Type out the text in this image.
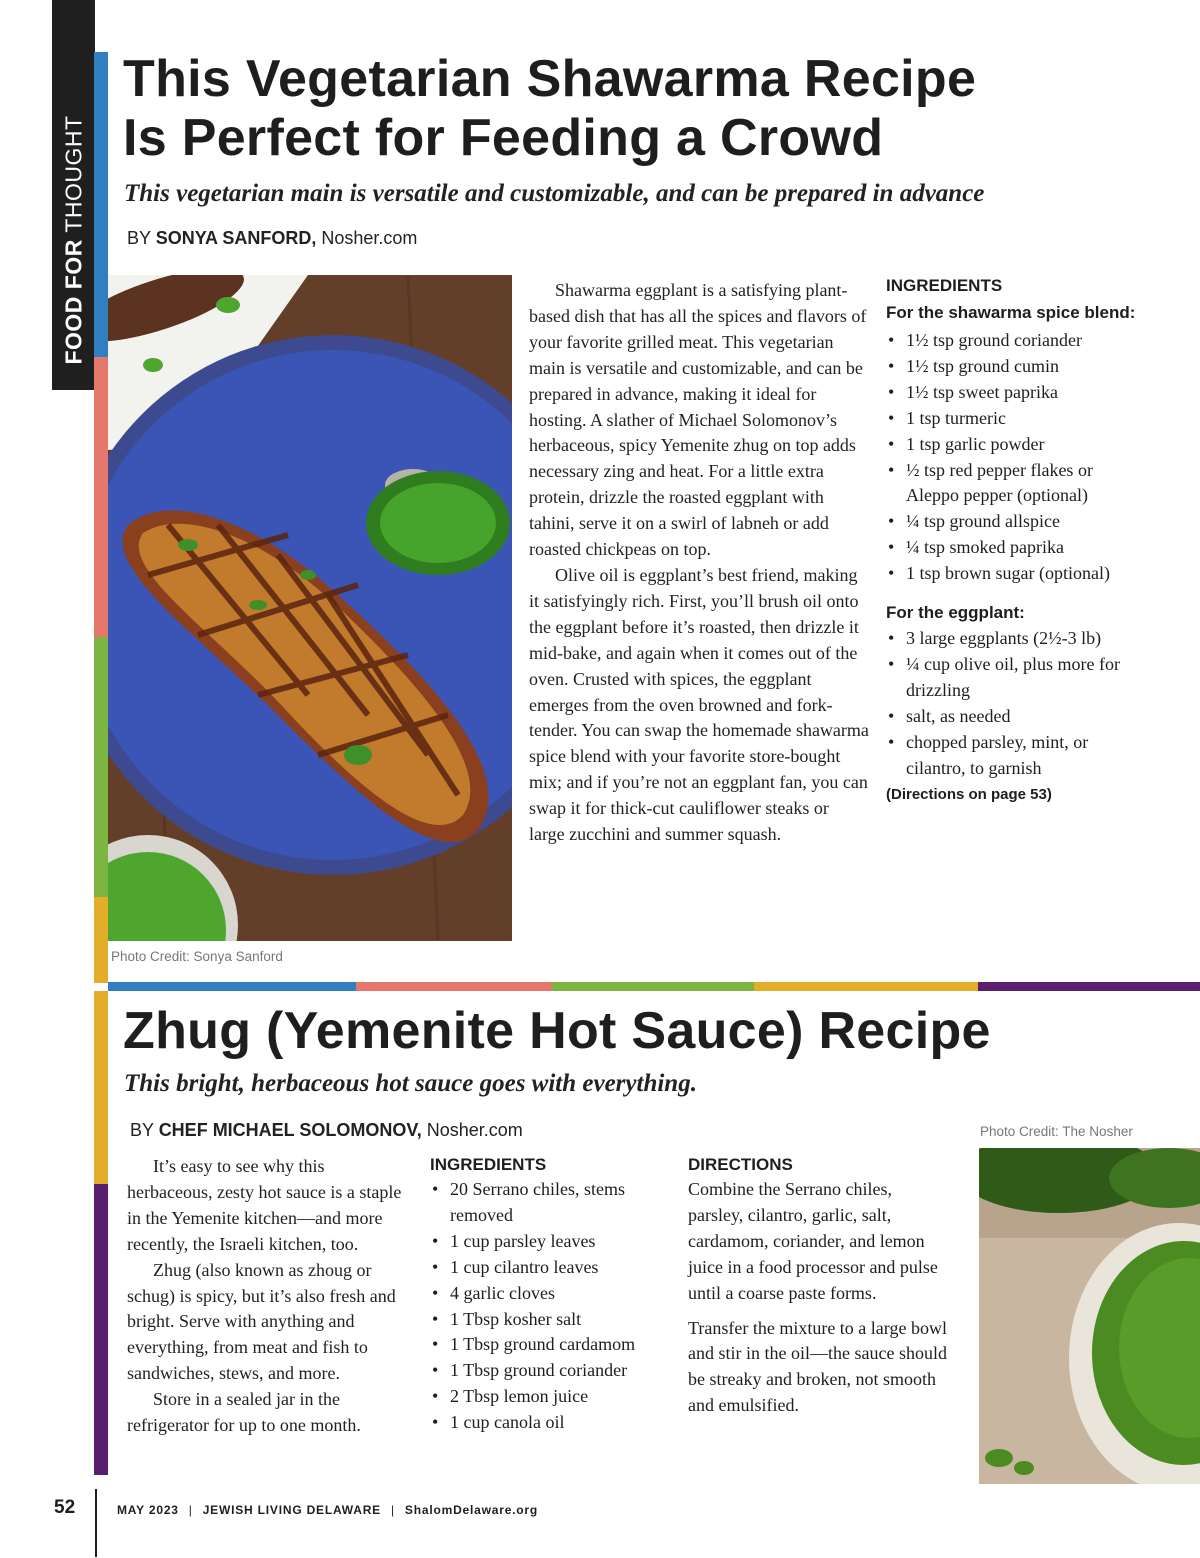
FOOD FOR THOUGHT
This Vegetarian Shawarma Recipe
Is Perfect for Feeding a Crowd
This vegetarian main is versatile and customizable, and can be prepared in advance
BY SONYA SANFORD, Nosher.com
Photo Credit: Sonya Sanford

Shawarma eggplant is a satisfying plant-based dish that has all the spices and flavors of your favorite grilled meat. This vegetarian main is versatile and customizable, and can be prepared in advance, making it ideal for hosting. A slather of Michael Solomonov’s herbaceous, spicy Yemenite zhug on top adds necessary zing and heat. For a little extra protein, drizzle the roasted eggplant with tahini, serve it on a swirl of labneh or add roasted chickpeas on top.

Olive oil is eggplant’s best friend, making it satisfyingly rich. First, you’ll brush oil onto the eggplant before it’s roasted, then drizzle it mid-bake, and again when it comes out of the oven. Crusted with spices, the eggplant emerges from the oven browned and fork-tender. You can swap the homemade shawarma spice blend with your favorite store-bought mix; and if you’re not an eggplant fan, you can swap it for thick-cut cauliflower steaks or large zucchini and summer squash.

INGREDIENTS
For the shawarma spice blend:
• 1½ tsp ground coriander
• 1½ tsp ground cumin
• 1½ tsp sweet paprika
• 1 tsp turmeric
• 1 tsp garlic powder
• ½ tsp red pepper flakes or Aleppo pepper (optional)
• ¼ tsp ground allspice
• ¼ tsp smoked paprika
• 1 tsp brown sugar (optional)
For the eggplant:
• 3 large eggplants (2½-3 lb)
• ¼ cup olive oil, plus more for drizzling
• salt, as needed
• chopped parsley, mint, or cilantro, to garnish
(Directions on page 53)
Zhug (Yemenite Hot Sauce) Recipe
This bright, herbaceous hot sauce goes with everything.
BY CHEF MICHAEL SOLOMONOV, Nosher.com

It’s easy to see why this herbaceous, zesty hot sauce is a staple in the Yemenite kitchen—and more recently, the Israeli kitchen, too.

Zhug (also known as zhoug or schug) is spicy, but it’s also fresh and bright. Serve with anything and everything, from meat and fish to sandwiches, stews, and more.

Store in a sealed jar in the refrigerator for up to one month.

INGREDIENTS
• 20 Serrano chiles, stems removed
• 1 cup parsley leaves
• 1 cup cilantro leaves
• 4 garlic cloves
• 1 Tbsp kosher salt
• 1 Tbsp ground cardamom
• 1 Tbsp ground coriander
• 2 Tbsp lemon juice
• 1 cup canola oil
DIRECTIONS
Combine the Serrano chiles, parsley, cilantro, garlic, salt, cardamom, coriander, and lemon juice in a food processor and pulse until a coarse paste forms.
Transfer the mixture to a large bowl and stir in the oil—the sauce should be streaky and broken, not smooth and emulsified.
Photo Credit: The Nosher
52	MAY 2023 | JEWISH LIVING DELAWARE | ShalomDelaware.org
